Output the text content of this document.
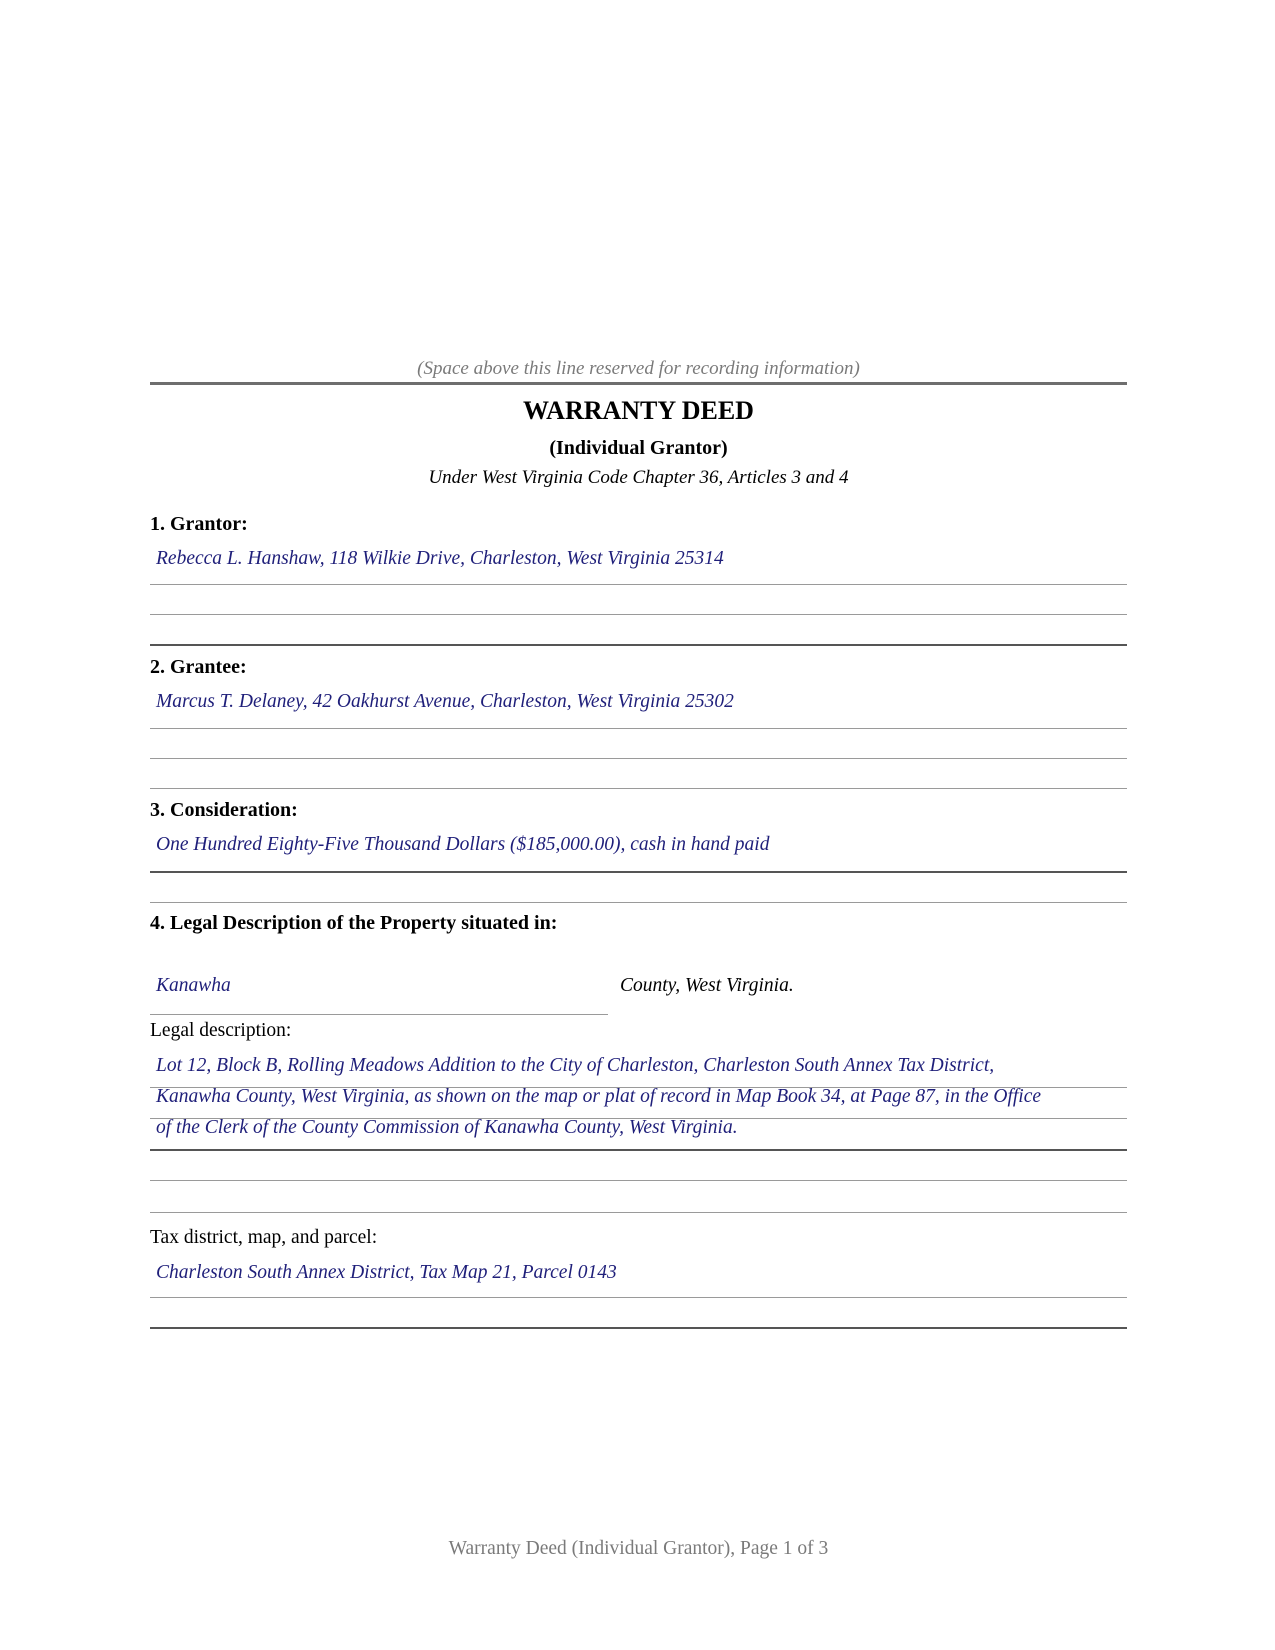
(Space above this line reserved for recording information)
WARRANTY DEED
(Individual Grantor)
Under West Virginia Code Chapter 36, Articles 3 and 4
1. Grantor:
Rebecca L. Hanshaw, 118 Wilkie Drive, Charleston, West Virginia 25314
2. Grantee:
Marcus T. Delaney, 42 Oakhurst Avenue, Charleston, West Virginia 25302
3. Consideration:
One Hundred Eighty-Five Thousand Dollars ($185,000.00), cash in hand paid
4. Legal Description of the Property situated in:
Kanawha	County, West Virginia.
Legal description:
Lot 12, Block B, Rolling Meadows Addition to the City of Charleston, Charleston South Annex Tax District,
Kanawha County, West Virginia, as shown on the map or plat of record in Map Book 34, at Page 87, in the Office
of the Clerk of the County Commission of Kanawha County, West Virginia.
Tax district, map, and parcel:
Charleston South Annex District, Tax Map 21, Parcel 0143
Warranty Deed (Individual Grantor), Page 1 of 3
